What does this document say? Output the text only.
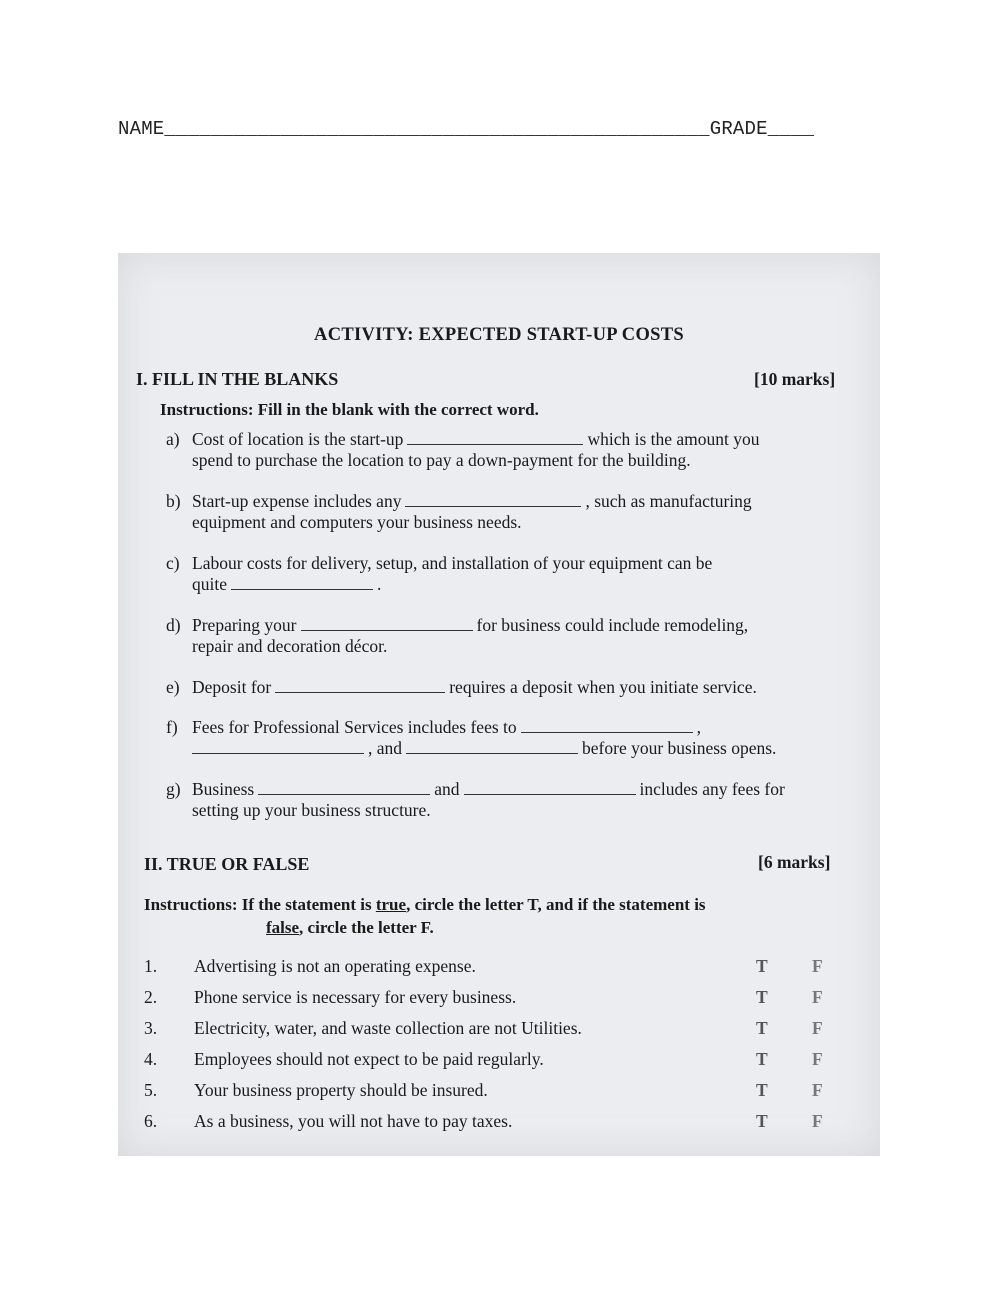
NAME_______________________________________________GRADE____
ACTIVITY: EXPECTED START-UP COSTS
I. FILL IN THE BLANKS	[10 marks]
Instructions: Fill in the blank with the correct word.
a) Cost of location is the start-up	which is the amount you
spend to purchase the location to pay a down-payment for the building.
b) Start-up expense includes any	, such as manufacturing
equipment and computers your business needs.
c) Labour costs for delivery, setup, and installation of your equipment can be
quite	.
d) Preparing your	for business could include remodeling,
repair and decoration décor.
e) Deposit for	requires a deposit when you initiate service.
f) Fees for Professional Services includes fees to	,
, and	before your business opens.
g) Business	and	includes any fees for
setting up your business structure.
II. TRUE OR FALSE	[6 marks]
Instructions: If the statement is true, circle the letter T, and if the statement is
false, circle the letter F.
1. Advertising is not an operating expense.	T	F
2. Phone service is necessary for every business.	T	F
3. Electricity, water, and waste collection are not Utilities.	T	F
4. Employees should not expect to be paid regularly.	T	F
5. Your business property should be insured.	T	F
6. As a business, you will not have to pay taxes.	T	F
